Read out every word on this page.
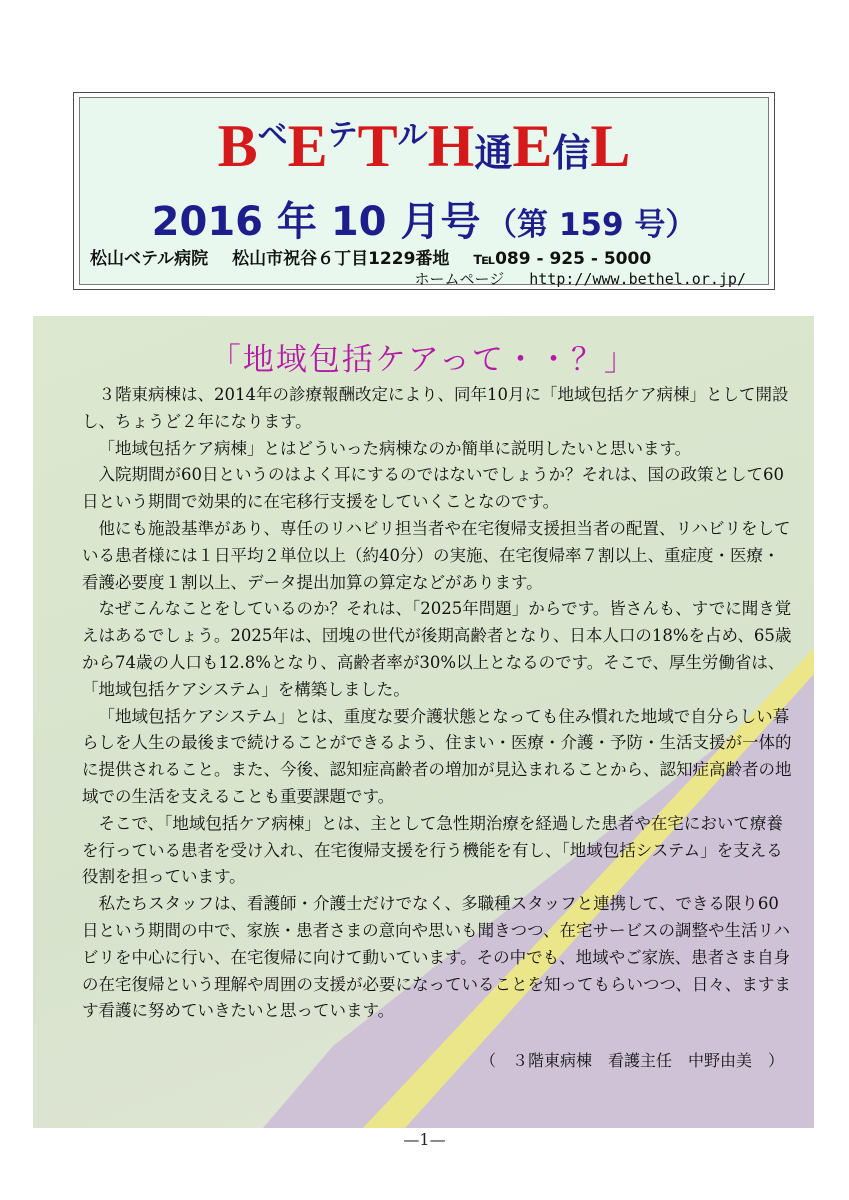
BベEテTルH通E信L
2016 年 10 月号 （第 159 号）
松山ベテル病院 松山市祝谷６丁目1229番地 ℡089 - 925 - 5000
ホームページ http://www.bethel.or.jp/
「地域包括ケアって・・？」

３階東病棟は、2014年の診療報酬改定により、同年10月に「地域包括ケア病棟」として開設し、ちょうど２年になります。

「地域包括ケア病棟」とはどういった病棟なのか簡単に説明したいと思います。

入院期間が60日というのはよく耳にするのではないでしょうか？それは、国の政策として60日という期間で効果的に在宅移行支援をしていくことなのです。

他にも施設基準があり、専任のリハビリ担当者や在宅復帰支援担当者の配置、リハビリをしている患者様には１日平均２単位以上（約40分）の実施、在宅復帰率７割以上、重症度・医療・看護必要度１割以上、データ提出加算の算定などがあります。

なぜこんなことをしているのか？それは、「2025年問題」からです。皆さんも、すでに聞き覚えはあるでしょう。2025年は、団塊の世代が後期高齢者となり、日本人口の18%を占め、65歳から74歳の人口も12.8%となり、高齢者率が30%以上となるのです。そこで、厚生労働省は、「地域包括ケアシステム」を構築しました。

「地域包括ケアシステム」とは、重度な要介護状態となっても住み慣れた地域で自分らしい暮らしを人生の最後まで続けることができるよう、住まい・医療・介護・予防・生活支援が一体的に提供されること。また、今後、認知症高齢者の増加が見込まれることから、認知症高齢者の地域での生活を支えることも重要課題です。

そこで、「地域包括ケア病棟」とは、主として急性期治療を経過した患者や在宅において療養を行っている患者を受け入れ、在宅復帰支援を行う機能を有し、「地域包括システム」を支える役割を担っています。

私たちスタッフは、看護師・介護士だけでなく、多職種スタッフと連携して、できる限り60日という期間の中で、家族・患者さまの意向や思いも聞きつつ、在宅サービスの調整や生活リハビリを中心に行い、在宅復帰に向けて動いています。その中でも、地域やご家族、患者さま自身の在宅復帰という理解や周囲の支援が必要になっていることを知ってもらいつつ、日々、ますます看護に努めていきたいと思っています。

（　３階東病棟　看護主任　中野由美　）
—1—
